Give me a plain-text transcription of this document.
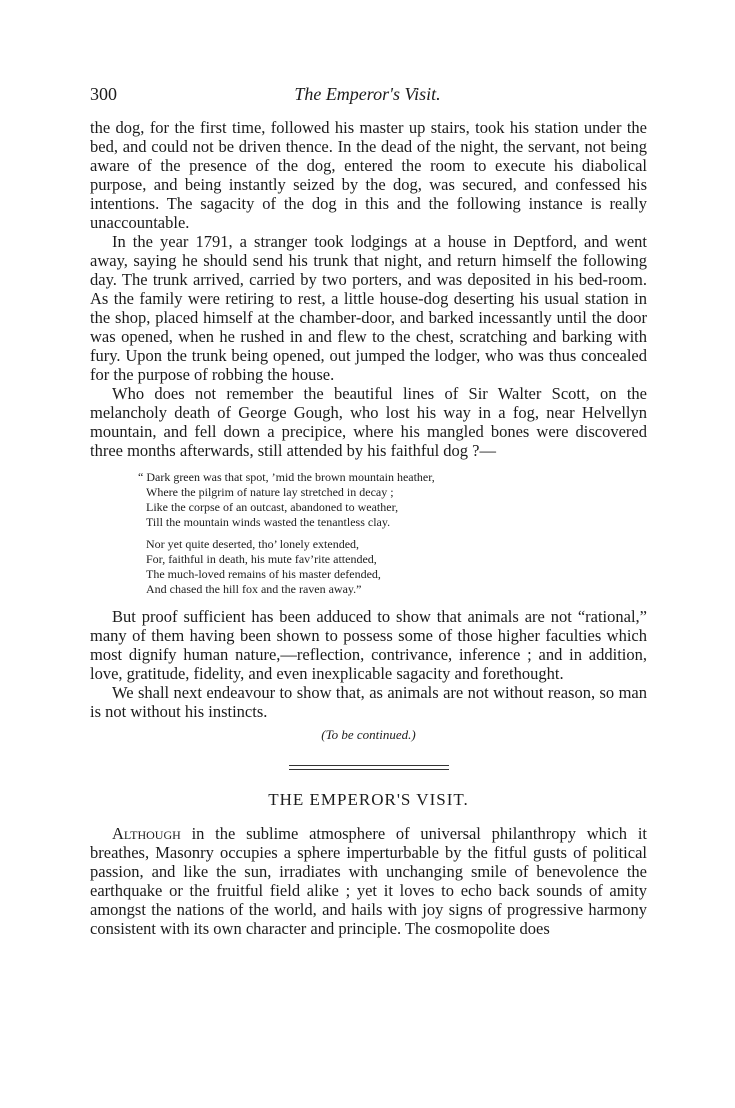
300	The Emperor's Visit.

the dog, for the first time, followed his master up stairs, took his station under the bed, and could not be driven thence. In the dead of the night, the servant, not being aware of the presence of the dog, entered the room to execute his diabolical purpose, and being instantly seized by the dog, was secured, and confessed his intentions. The sagacity of the dog in this and the following instance is really unaccountable.

In the year 1791, a stranger took lodgings at a house in Deptford, and went away, saying he should send his trunk that night, and return himself the following day. The trunk arrived, carried by two porters, and was deposited in his bed-room. As the family were retiring to rest, a little house-dog deserting his usual station in the shop, placed himself at the chamber-door, and barked incessantly until the door was opened, when he rushed in and flew to the chest, scratching and barking with fury. Upon the trunk being opened, out jumped the lodger, who was thus concealed for the purpose of robbing the house.

Who does not remember the beautiful lines of Sir Walter Scott, on the melancholy death of George Gough, who lost his way in a fog, near Helvellyn mountain, and fell down a precipice, where his mangled bones were discovered three months afterwards, still attended by his faithful dog ?—

“ Dark green was that spot, ’mid the brown mountain heather,
Where the pilgrim of nature lay stretched in decay ;
Like the corpse of an outcast, abandoned to weather,
Till the mountain winds wasted the tenantless clay.
Nor yet quite deserted, tho’ lonely extended,
For, faithful in death, his mute fav’rite attended,
The much-loved remains of his master defended,
And chased the hill fox and the raven away.”

But proof sufficient has been adduced to show that animals are not “rational,” many of them having been shown to possess some of those higher faculties which most dignify human nature,—reflection, contrivance, inference ; and in addition, love, gratitude, fidelity, and even inexplicable sagacity and forethought.

We shall next endeavour to show that, as animals are not without reason, so man is not without his instincts.

(To be continued.)
THE EMPEROR'S VISIT.

Although in the sublime atmosphere of universal philanthropy which it breathes, Masonry occupies a sphere imperturbable by the fitful gusts of political passion, and like the sun, irradiates with unchanging smile of benevolence the earthquake or the fruitful field alike ; yet it loves to echo back sounds of amity amongst the nations of the world, and hails with joy signs of progressive harmony consistent with its own character and principle. The cosmopolite does
